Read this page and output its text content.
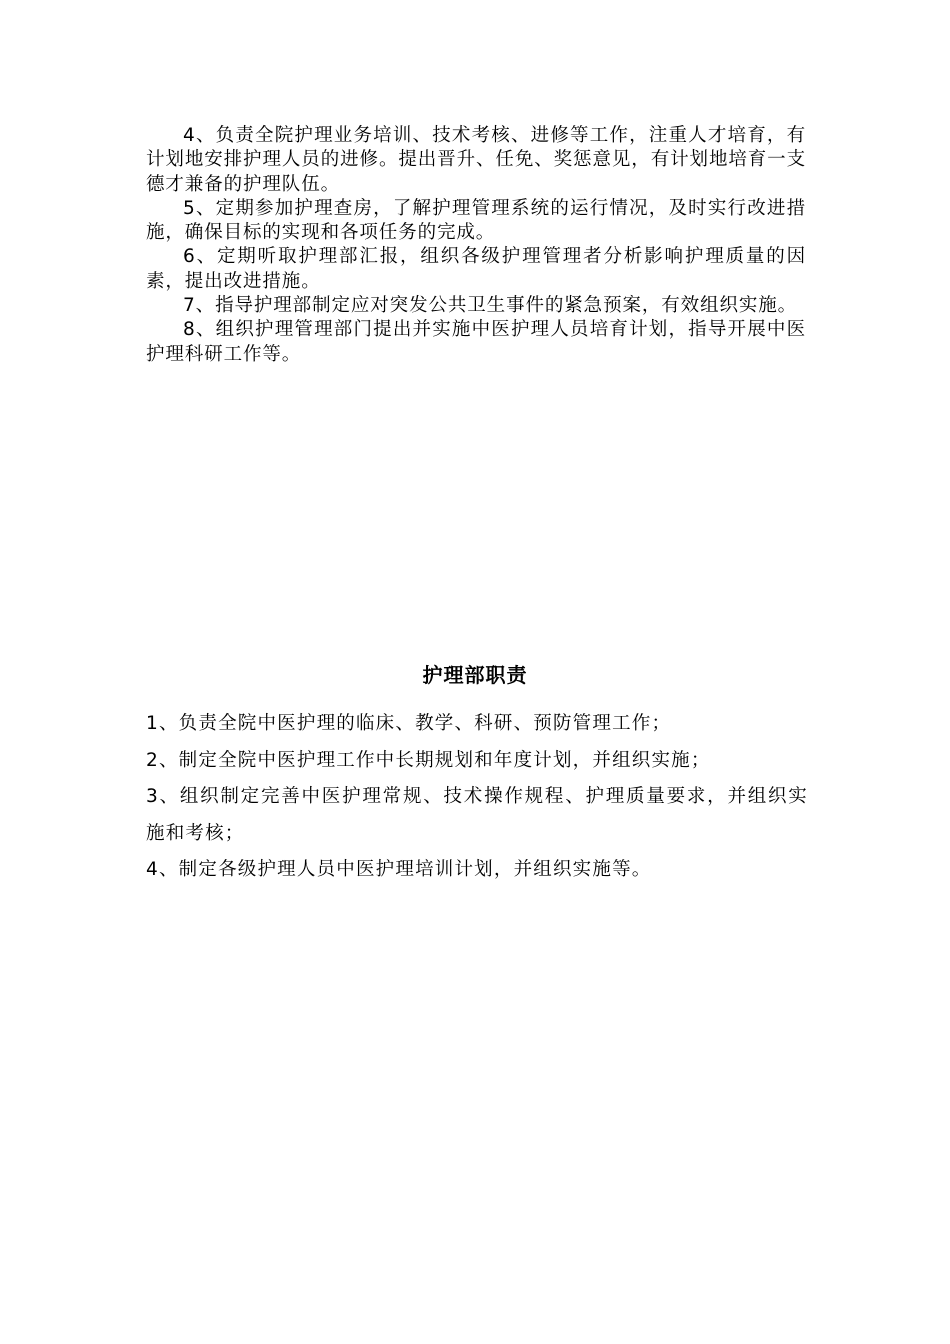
4、负责全院护理业务培训、技术考核、进修等工作，注重人才培育，有计划地安排护理人员的进修。提出晋升、任免、奖惩意见，有计划地培育一支德才兼备的护理队伍。

5、定期参加护理查房，了解护理管理系统的运行情况，及时实行改进措施，确保目标的实现和各项任务的完成。

6、定期听取护理部汇报，组织各级护理管理者分析影响护理质量的因素，提出改进措施。

7、指导护理部制定应对突发公共卫生事件的紧急预案，有效组织实施。

8、组织护理管理部门提出并实施中医护理人员培育计划，指导开展中医护理科研工作等。

护理部职责

1、负责全院中医护理的临床、教学、科研、预防管理工作；

2、制定全院中医护理工作中长期规划和年度计划，并组织实施；

3、组织制定完善中医护理常规、技术操作规程、护理质量要求，并组织实施和考核；

4、制定各级护理人员中医护理培训计划，并组织实施等。
